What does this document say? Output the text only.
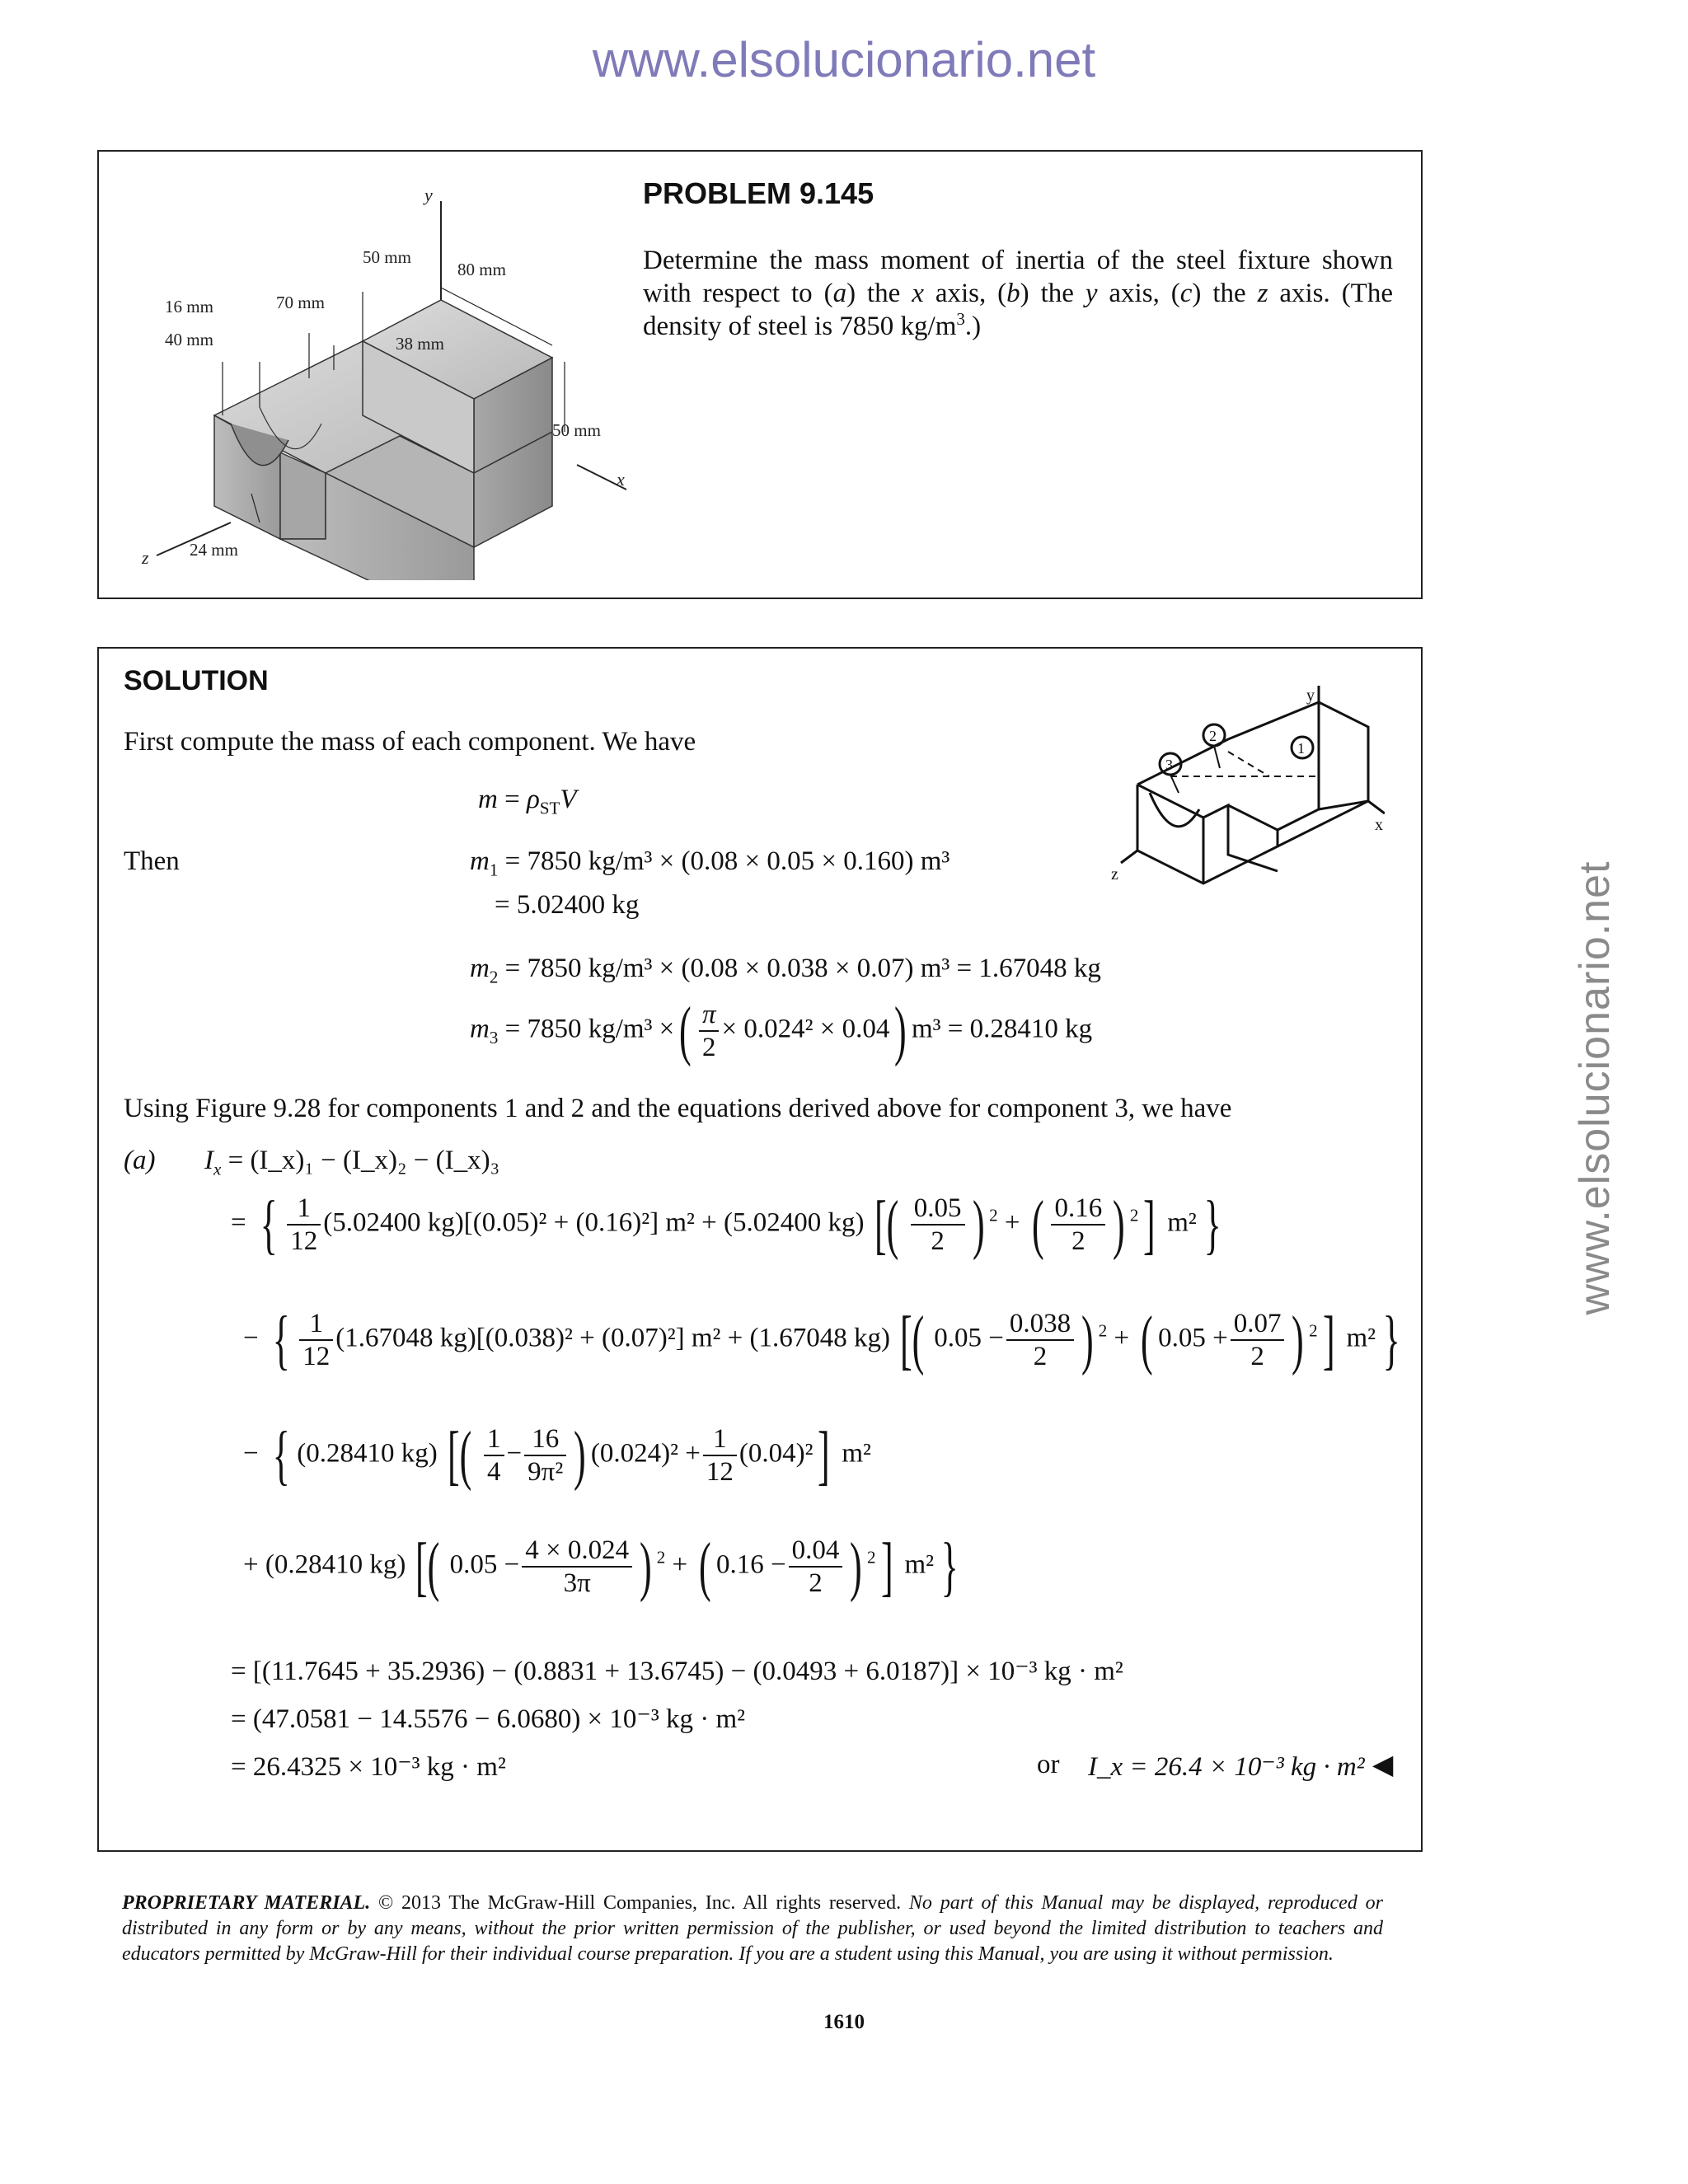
www.elsolucionario.net
www.elsolucionario.net
y
x
z
16 mm
40 mm
70 mm
50 mm
80 mm
38 mm
50 mm
24 mm
PROBLEM 9.145
Determine the mass moment of inertia of the steel fixture shown with respect to (a) the x axis, (b) the y axis, (c) the z axis. (The density of steel is 7850 $kg/m^3$.)
SOLUTION	y
x
z
1
2
3
First compute the mass of each component. We have
$m = \rho_{ST}V$
Then	$m_1 = 7850$ kg/m³ × (0.08 × 0.05 × 0.160) m³
= 5.02400 kg
$m_2 = 7850$ kg/m³ × (0.08 × 0.038 × 0.07) m³ = 1.67048 kg
$m_3 = 7850$ kg/m³ ×( $\frac{\pi}{2} \times 0.024^2 \times 0.04$) m³ = 0.28410 kg
Using Figure 9.28 for components 1 and 2 and the equations derived above for component 3, we have
(a) $I_x$ = (I_x)₁ − (I_x)₂ − (I_x)₃
= { $\frac{1}{12} (5.02400$ kg)[(0.05)² + (0.16)²] m² + (5.02400 kg) [( $\frac{0.05}{2}$ ) $^2$ + ( $\frac{0.16}{2}$ ) $^2$] m² }
− { $\frac{1}{12} (1.67048$ kg)[(0.038)² + (0.07)²] m² + (1.67048 kg) [( $0.05 - \frac{0.038}{2}$ ) $^2$ + ( $0.05 + \frac{0.07}{2}$ ) $^2$] m² }
− { (0.28410 kg) [( $\frac{1}{4} - \frac{16}{\text{9π²}}$ ) $(0.024)^2 + \frac{1}{12} (0.04)^2$] m²
+ (0.28410 kg) [( $0.05 - \frac{4 \times 0.024}{3\pi}$ ) $^2$ + ( $0.16 - \frac{0.04}{2}$ ) $^2$] m² }
= [(11.7645 + 35.2936) − (0.8831 + 13.6745) − (0.0493 + 6.0187)] × 10⁻³ kg · m²
= (47.0581 − 14.5576 − 6.0680) × 10⁻³ kg · m²
= 26.4325 × 10⁻³ kg · m²	or I_x = 26.4 × 10⁻³ kg · m² ◀
PROPRIETARY MATERIAL. © 2013 The McGraw-Hill Companies, Inc. All rights reserved. No part of this Manual may be displayed, reproduced or distributed in any form or by any means, without the prior written permission of the publisher, or used beyond the limited distribution to teachers and educators permitted by McGraw-Hill for their individual course preparation. If you are a student using this Manual, you are using it without permission.
1610
